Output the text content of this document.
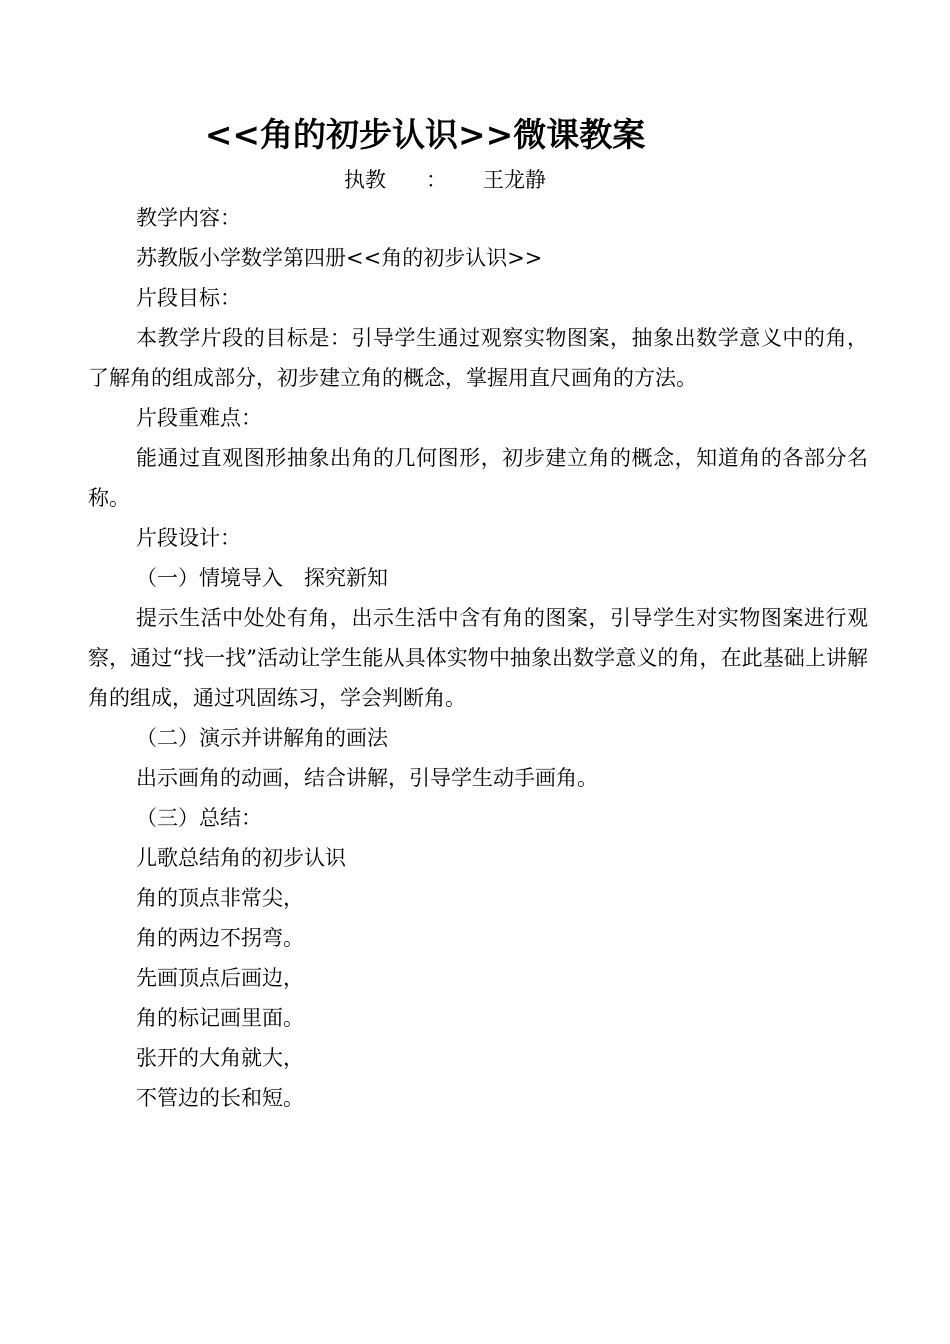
<<角的初步认识>>微课教案
执教 ： 王龙静

教学内容：

苏教版小学数学第四册<<角的初步认识>>

片段目标：

本教学片段的目标是：引导学生通过观察实物图案，抽象出数学意义中的角，了解角的组成部分，初步建立角的概念，掌握用直尺画角的方法。

片段重难点：

能通过直观图形抽象出角的几何图形，初步建立角的概念，知道角的各部分名称。

片段设计：

（一）情境导入　探究新知

提示生活中处处有角，出示生活中含有角的图案，引导学生对实物图案进行观察，通过“找一找”活动让学生能从具体实物中抽象出数学意义的角，在此基础上讲解角的组成，通过巩固练习，学会判断角。

（二）演示并讲解角的画法

出示画角的动画，结合讲解，引导学生动手画角。

（三）总结：

儿歌总结角的初步认识

角的顶点非常尖，

角的两边不拐弯。

先画顶点后画边，

角的标记画里面。

张开的大角就大，

不管边的长和短。
